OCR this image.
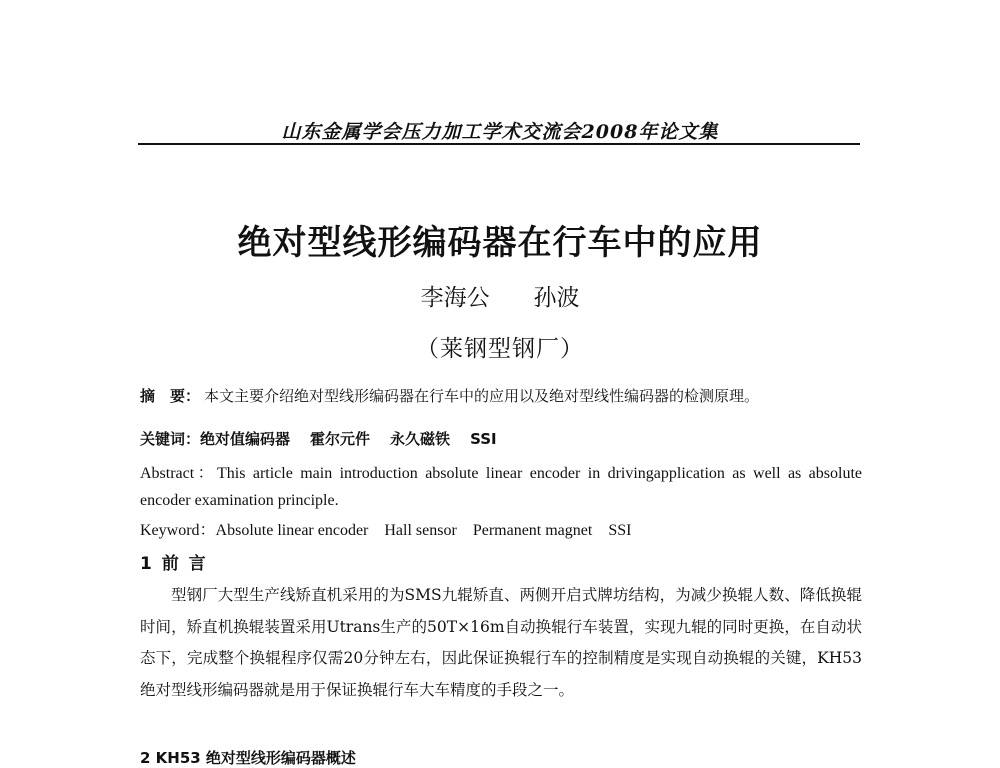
山东金属学会压力加工学术交流会2008年论文集
绝对型线形编码器在行车中的应用
李海公 孙波
（莱钢型钢厂）
摘　要： 本文主要介绍绝对型线形编码器在行车中的应用以及绝对型线性编码器的检测原理。
关键词：绝对值编码器 霍尔元件 永久磁铁 SSI
Abstract：This article main introduction absolute linear encoder in drivingapplication as well as absolute encoder examination principle.
Keyword：Absolute linear encoder Hall sensor Permanent magnet SSI
1 前 言
型钢厂大型生产线矫直机采用的为SMS九辊矫直、两侧开启式牌坊结构，为减少换辊人数、降低换辊时间，矫直机换辊装置采用Utrans生产的50T×16m自动换辊行车装置，实现九辊的同时更换，在自动状态下，完成整个换辊程序仅需20分钟左右，因此保证换辊行车的控制精度是实现自动换辊的关键，KH53绝对型线形编码器就是用于保证换辊行车大车精度的手段之一。
2 KH53 绝对型线形编码器概述
